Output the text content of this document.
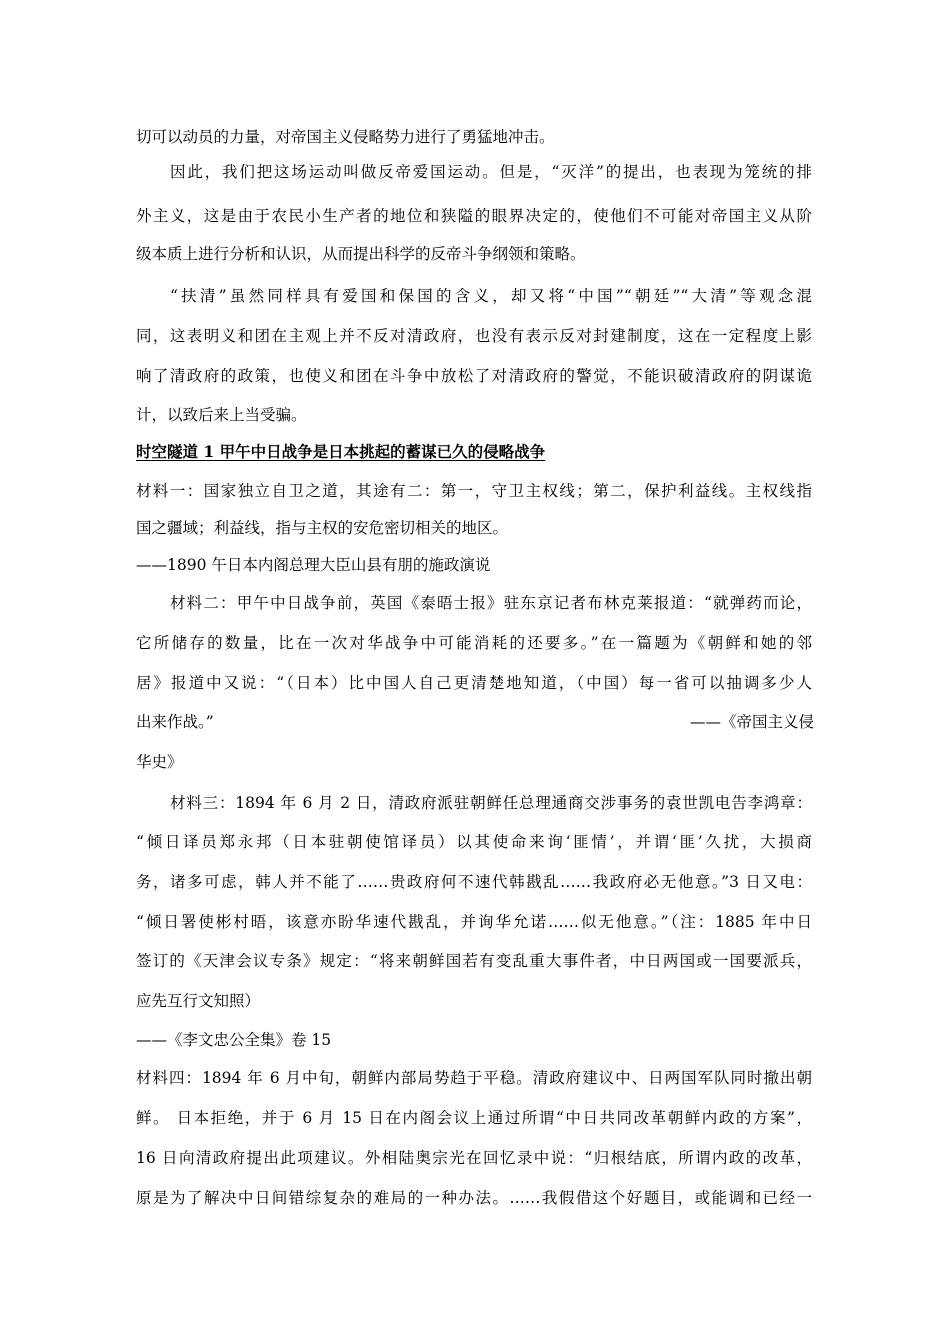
切可以动员的力量，对帝国主义侵略势力进行了勇猛地冲击。
因此，我们把这场运动叫做反帝爱国运动。但是，“灭洋”的提出，也表现为笼统的排
外主义，这是由于农民小生产者的地位和狭隘的眼界决定的，使他们不可能对帝国主义从阶
级本质上进行分析和认识，从而提出科学的反帝斗争纲领和策略。
“扶清”虽然同样具有爱国和保国的含义，却又将“中国”“朝廷”“大清”等观念混
同，这表明义和团在主观上并不反对清政府，也没有表示反对封建制度，这在一定程度上影
响了清政府的政策，也使义和团在斗争中放松了对清政府的警觉，不能识破清政府的阴谋诡
计，以致后来上当受骗。
时空隧道 1 甲午中日战争是日本挑起的蓄谋已久的侵略战争
材料一：国家独立自卫之道，其途有二：第一，守卫主权线；第二，保护利益线。主权线指
国之疆域；利益线，指与主权的安危密切相关的地区。
——1890 午日本内阁总理大臣山县有朋的施政演说
材料二：甲午中日战争前，英国《泰晤士报》驻东京记者布林克莱报道：“就弹药而论，
它所储存的数量，比在一次对华战争中可能消耗的还要多。”在一篇题为《朝鲜和她的邻
居》报道中又说：“（日本）比中国人自己更清楚地知道，（中国）每一省可以抽调多少人
出来作战。”	——《帝国主义侵
华史》
材料三：1894 年 6 月 2 日，清政府派驻朝鲜任总理通商交涉事务的袁世凯电告李鸿章：
“倾日译员郑永邦（日本驻朝使馆译员）以其使命来询‘匪情’，并谓‘匪’久扰，大损商
务，诸多可虑，韩人并不能了……贵政府何不速代韩戡乱……我政府必无他意。”3 日又电：
“倾日署使彬村晤，该意亦盼华速代戡乱，并询华允诺……似无他意。”（注：1885 年中日
签订的《天津会议专条》规定：“将来朝鲜国若有变乱重大事件者，中日两国或一国要派兵，
应先互行文知照）
——《李文忠公全集》卷 15
材料四：1894 年 6 月中旬，朝鲜内部局势趋于平稳。清政府建议中、日两国军队同时撤出朝
鲜。 日本拒绝，并于 6 月 15 日在内阁会议上通过所谓“中日共同改革朝鲜内政的方案”，
16 日向清政府提出此项建议。外相陆奥宗光在回忆录中说：“归根结底，所谓内政的改革，
原是为了解决中日间错综复杂的难局的一种办法。……我假借这个好题目，或能调和已经一
